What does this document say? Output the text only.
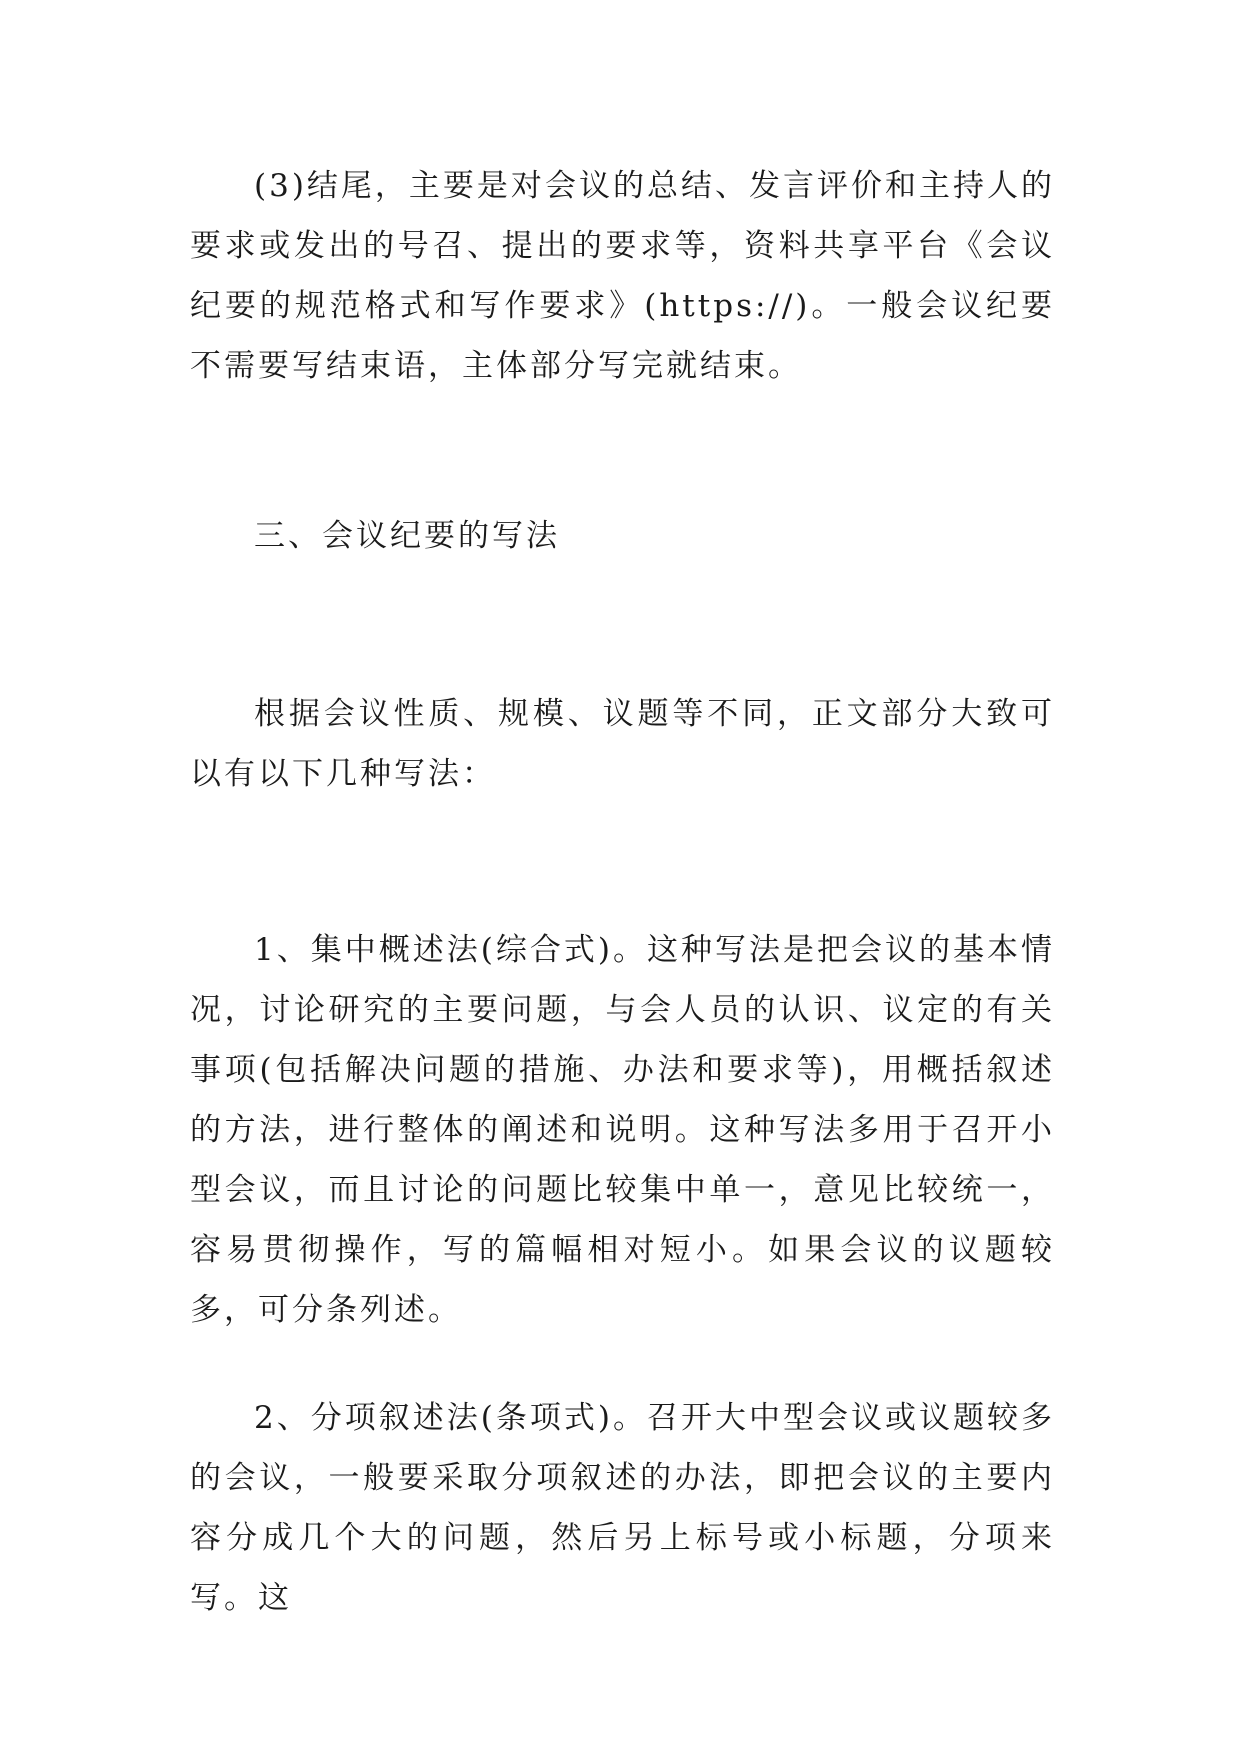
(3)结尾，主要是对会议的总结、发言评价和主持人的要求或发出的号召、提出的要求等，资料共享平台《会议纪要的规范格式和写作要求》(https://)。一般会议纪要不需要写结束语，主体部分写完就结束。

三、会议纪要的写法

根据会议性质、规模、议题等不同，正文部分大致可以有以下几种写法：

1、集中概述法(综合式)。这种写法是把会议的基本情况，讨论研究的主要问题，与会人员的认识、议定的有关事项(包括解决问题的措施、办法和要求等)，用概括叙述的方法，进行整体的阐述和说明。这种写法多用于召开小型会议，而且讨论的问题比较集中单一，意见比较统一，容易贯彻操作，写的篇幅相对短小。如果会议的议题较多，可分条列述。

2、分项叙述法(条项式)。召开大中型会议或议题较多的会议，一般要采取分项叙述的办法，即把会议的主要内容分成几个大的问题，然后另上标号或小标题，分项来写。这
